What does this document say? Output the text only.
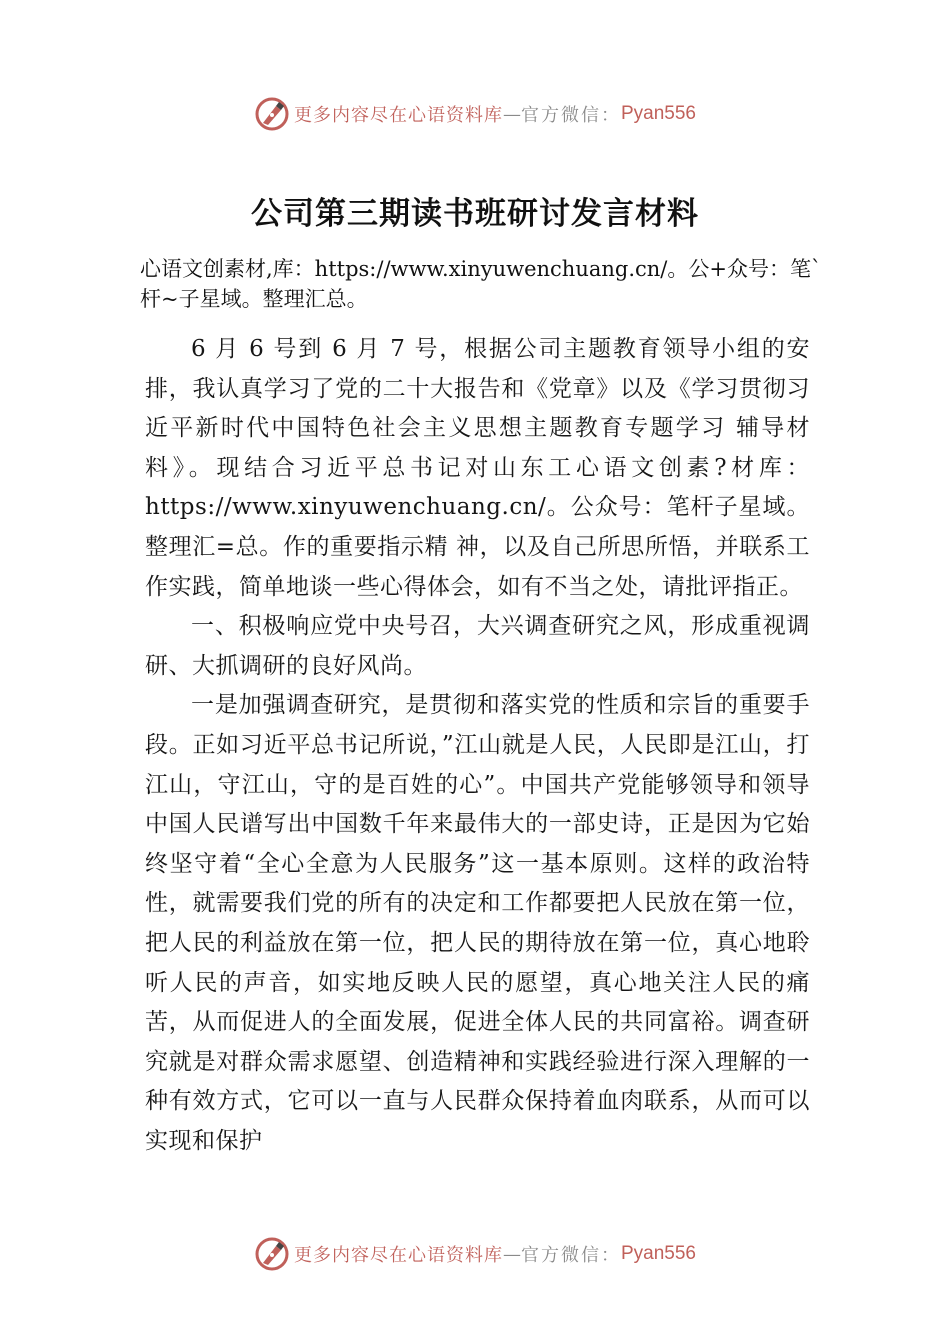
更多内容尽在心语资料库 — 官方微信： Pyan556
公司第三期读书班研讨发言材料

心语文创素材,库：https://www.xinyuwenchuang.cn/。公+众号：笔`杆~子星域。整理汇总。

6 月 6 号到 6 月 7 号，根据公司主题教育领导小组的安排，我认真学习了党的二十大报告和《党章》以及《学习贯彻习近平新时代中国特色社会主义思想主题教育专题学习 辅导材料》。现结合习近平总书记对山东工心语文创素?材库：https://www.xinyuwenchuang.cn/。公众号：笔杆子星域。整理汇=总。作的重要指示精 神，以及自己所思所悟，并联系工作实践，简单地谈一些心得体会，如有不当之处，请批评指正。

一、积极响应党中央号召，大兴调查研究之风，形成重视调研、大抓调研的良好风尚。

一是加强调查研究，是贯彻和落实党的性质和宗旨的重要手段。正如习近平总书记所说，”江山就是人民，人民即是江山，打江山，守江山，守的是百姓的心”。中国共产党能够领导和领导中国人民谱写出中国数千年来最伟大的一部史诗，正是因为它始终坚守着“全心全意为人民服务”这一基本原则。这样的政治特性，就需要我们党的所有的决定和工作都要把人民放在第一位，把人民的利益放在第一位，把人民的期待放在第一位，真心地聆听人民的声音，如实地反映人民的愿望，真心地关注人民的痛苦，从而促进人的全面发展，促进全体人民的共同富裕。调查研究就是对群众需求愿望、创造精神和实践经验进行深入理解的一种有效方式，它可以一直与人民群众保持着血肉联系，从而可以实现和保护

更多内容尽在心语资料库 — 官方微信： Pyan556
